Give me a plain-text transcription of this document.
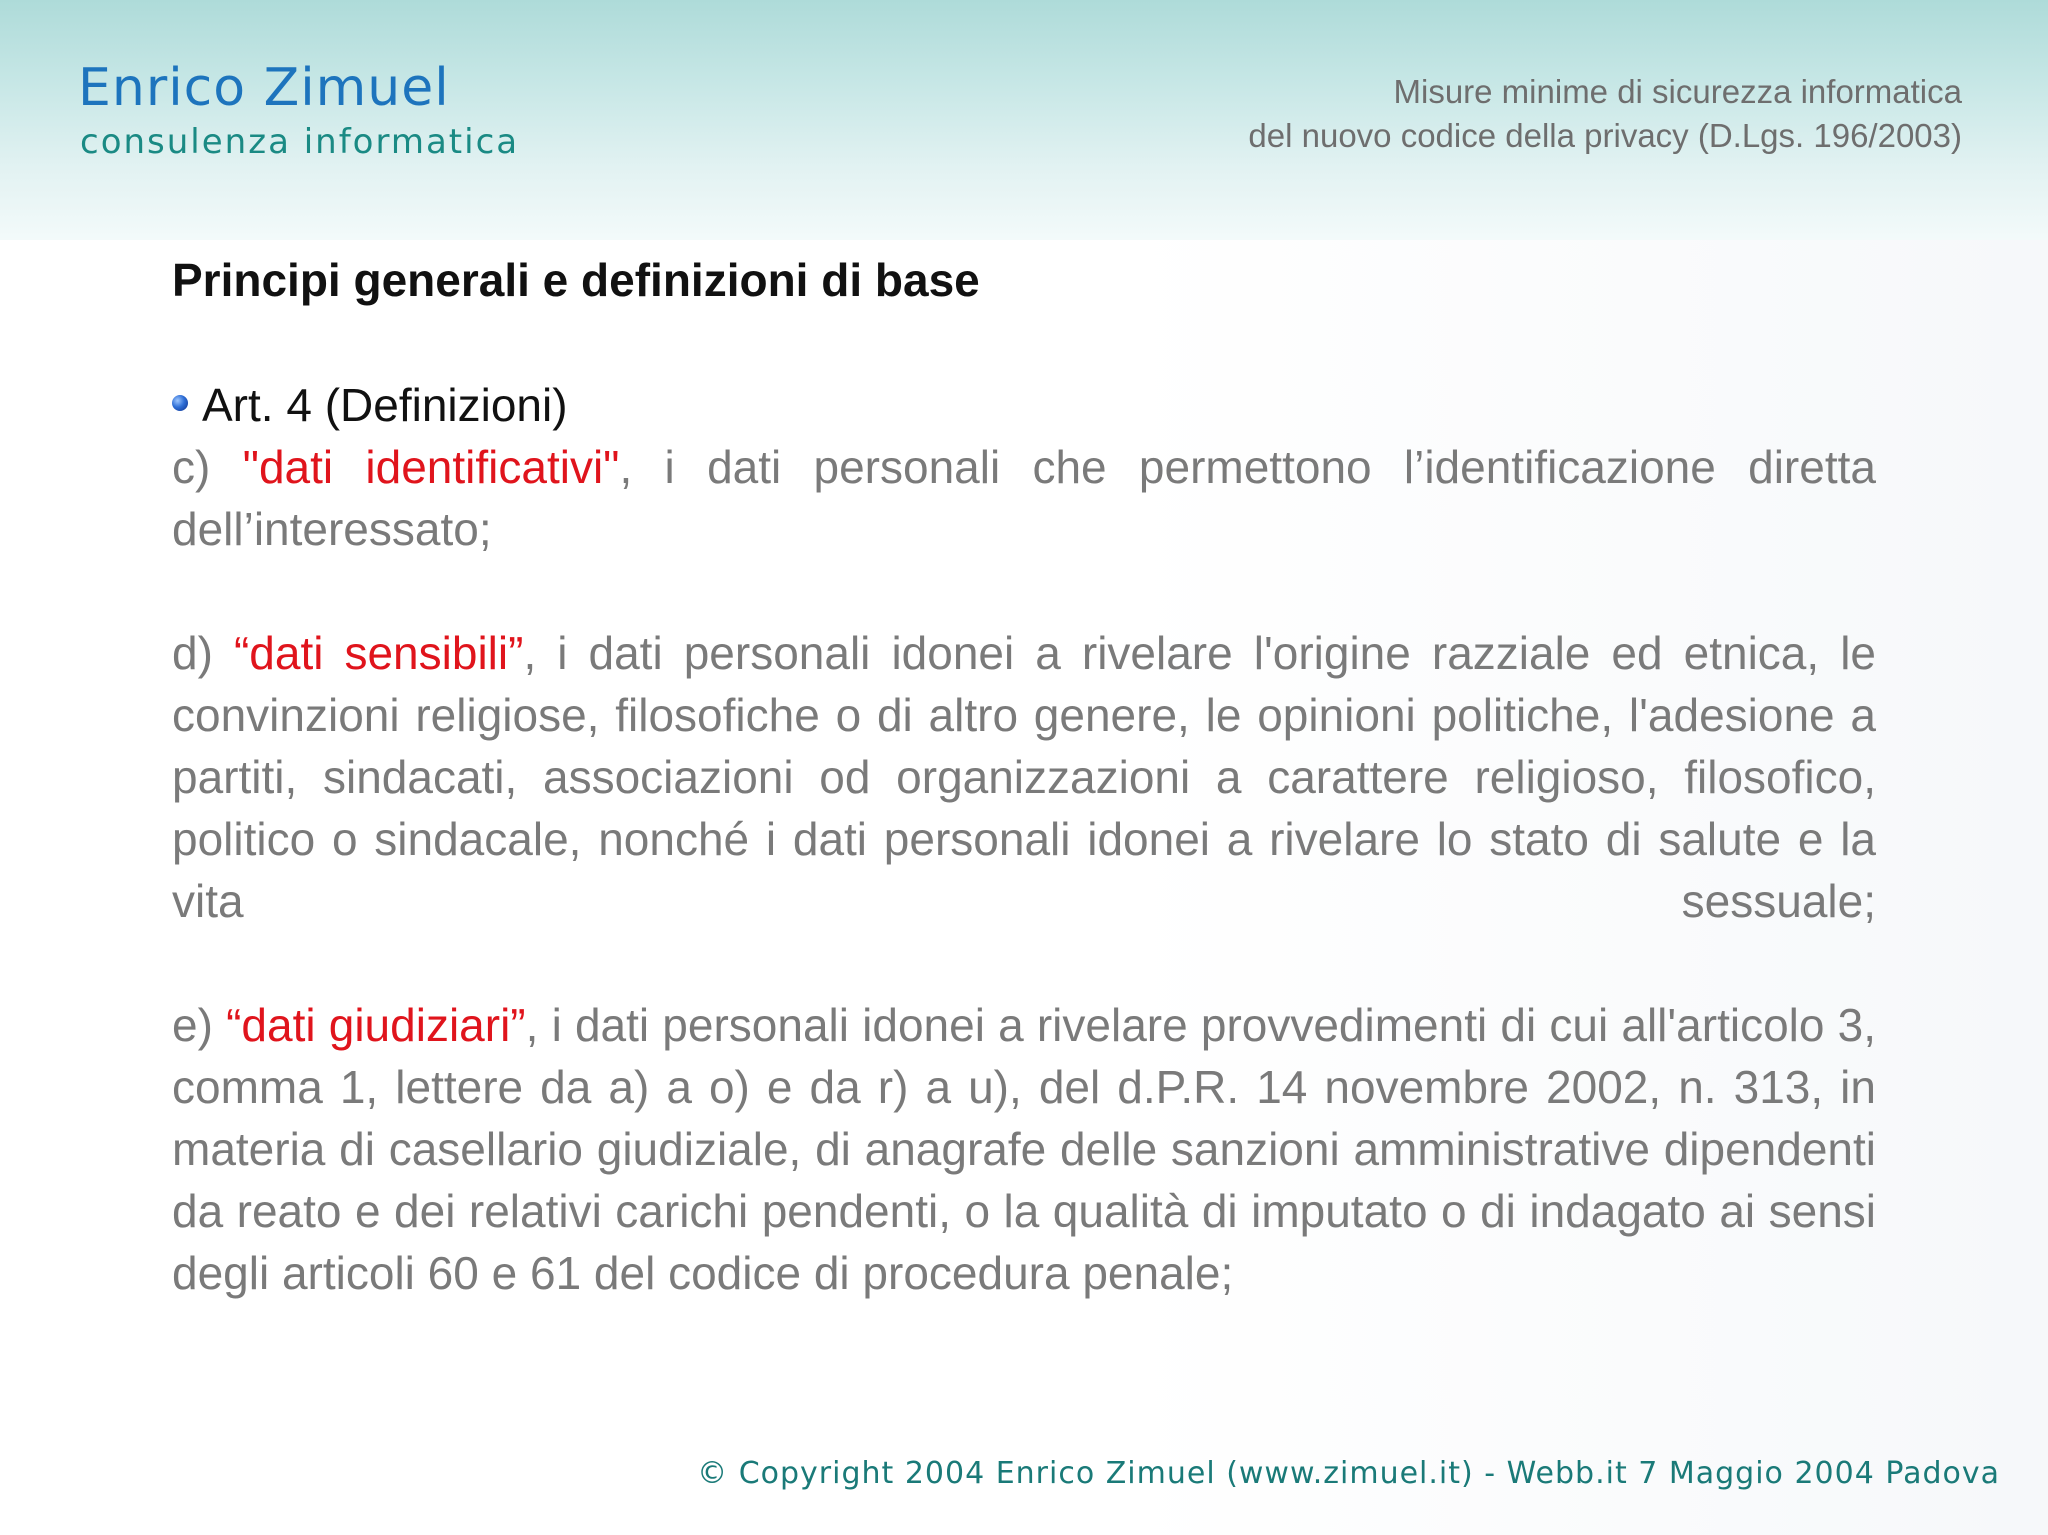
Enrico Zimuel
consulenza informatica
Misure minime di sicurezza informatica
del nuovo codice della privacy (D.Lgs. 196/2003)
Principi generali e definizioni di base
Art. 4 (Definizioni)

c) "dati identificativi", i dati personali che permettono l’identificazione diretta dell’interessato;

d) “dati sensibili”, i dati personali idonei a rivelare l'origine razziale ed etnica, le convinzioni religiose, filosofiche o di altro genere, le opinioni politiche, l'adesione a partiti, sindacati, associazioni od organizzazioni a carattere religioso, filosofico, politico o sindacale, nonché i dati personali idonei a rivelare lo stato di salute e la vita sessuale;

e) “dati giudiziari”, i dati personali idonei a rivelare provvedimenti di cui all'articolo 3, comma 1, lettere da a) a o) e da r) a u), del d.P.R. 14 novembre 2002, n. 313, in materia di casellario giudiziale, di anagrafe delle sanzioni amministrative dipendenti da reato e dei relativi carichi pendenti, o la qualità di imputato o di indagato ai sensi degli articoli 60 e 61 del codice di procedura penale;

© Copyright 2004 Enrico Zimuel (www.zimuel.it) - Webb.it 7 Maggio 2004 Padova
